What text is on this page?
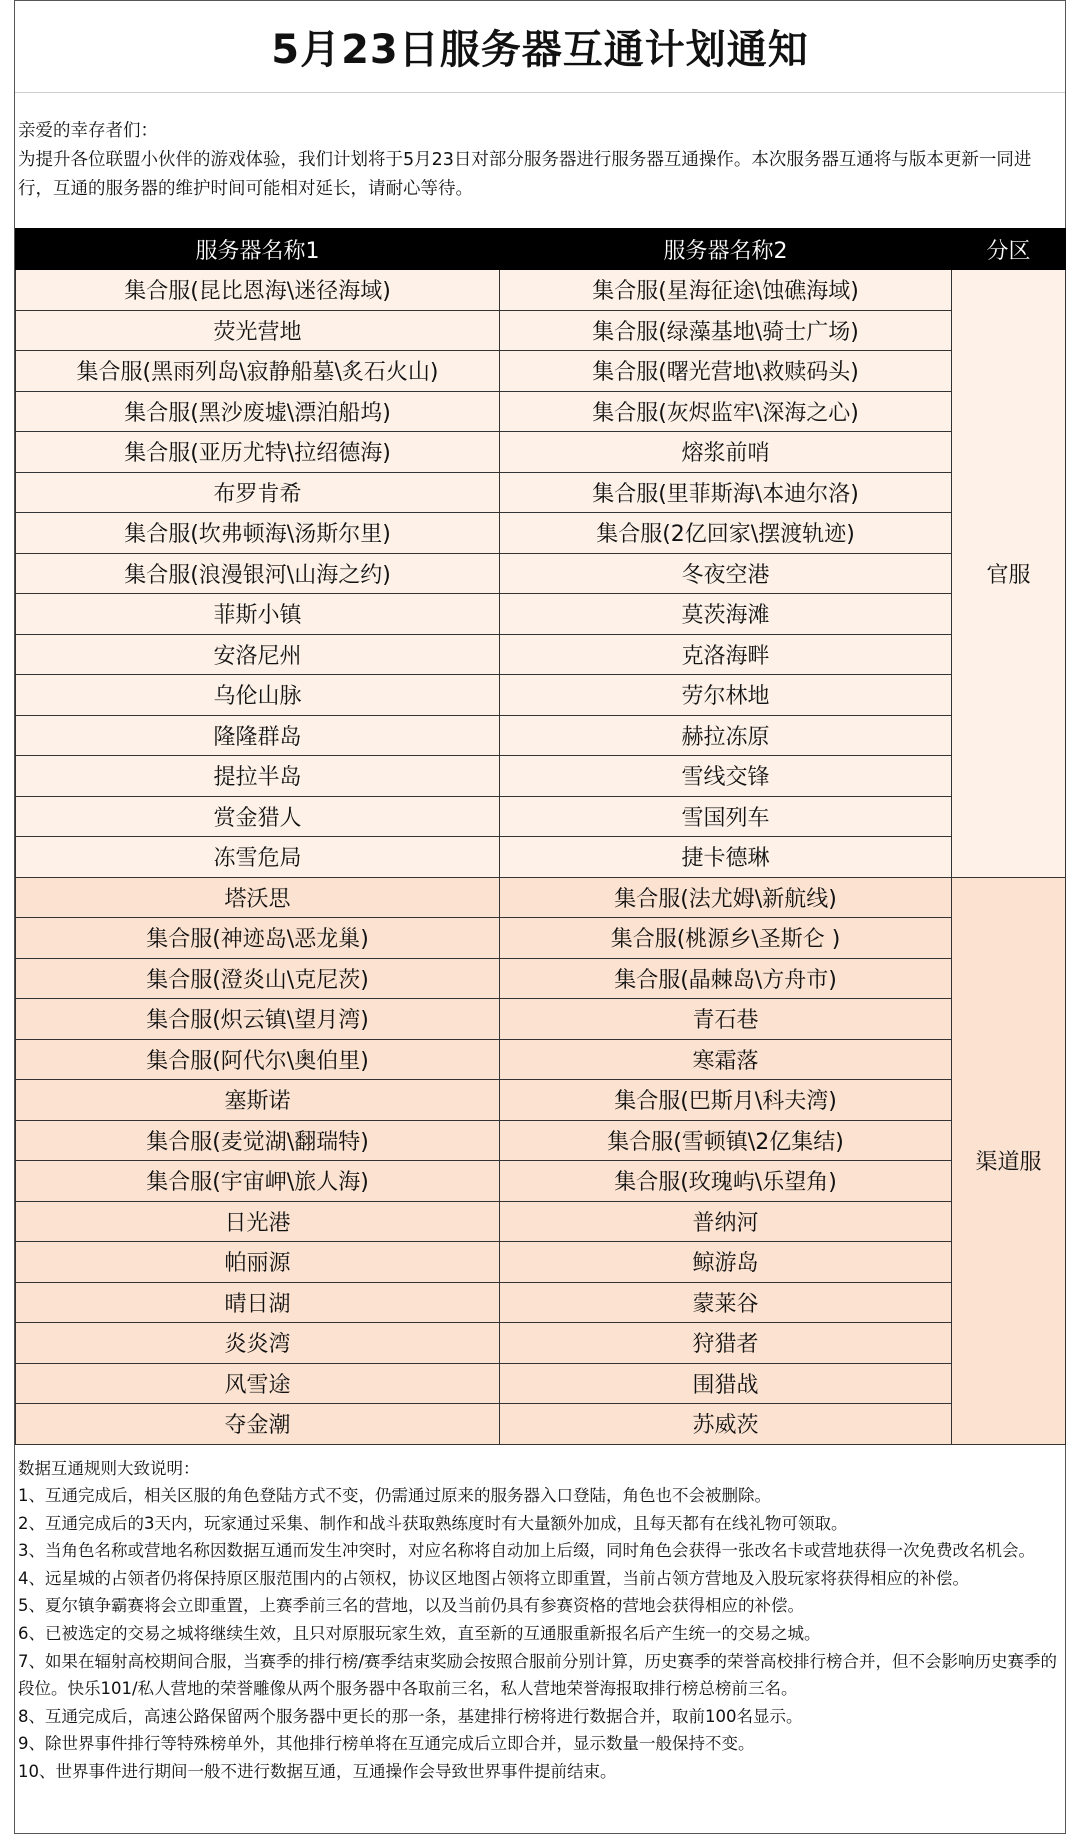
5月23日服务器互通计划通知

亲爱的幸存者们：

为提升各位联盟小伙伴的游戏体验，我们计划将于5月23日对部分服务器进行服务器互通操作。本次服务器互通将与版本更新一同进行，互通的服务器的维护时间可能相对延长，请耐心等待。

服务器名称1	服务器名称2	分区
集合服(昆比恩海\迷径海域)	集合服(星海征途\蚀礁海域)	官服
荧光营地	集合服(绿藻基地\骑士广场)	
集合服(黑雨列岛\寂静船墓\炙石火山)	集合服(曙光营地\救赎码头)	
集合服(黑沙废墟\漂泊船坞)	集合服(灰烬监牢\深海之心)	
集合服(亚历尤特\拉绍德海)	熔浆前哨	
布罗肯希	集合服(里菲斯海\本迪尔洛)	
集合服(坎弗顿海\汤斯尔里)	集合服(2亿回家\摆渡轨迹)	
集合服(浪漫银河\山海之约)	冬夜空港	
菲斯小镇	莫茨海滩	
安洛尼州	克洛海畔	
乌伦山脉	劳尔林地	
隆隆群岛	赫拉冻原	
提拉半岛	雪线交锋	
赏金猎人	雪国列车	
冻雪危局	捷卡德琳	
塔沃思	集合服(法尤姆\新航线)	渠道服
集合服(神迹岛\恶龙巢)	集合服(桃源乡\圣斯仑 )	
集合服(澄炎山\克尼茨)	集合服(晶棘岛\方舟市)	
集合服(炽云镇\望月湾)	青石巷	
集合服(阿代尔\奥伯里)	寒霜落	
塞斯诺	集合服(巴斯月\科夫湾)	
集合服(麦觉湖\翻瑞特)	集合服(雪顿镇\2亿集结)	
集合服(宇宙岬\旅人海)	集合服(玫瑰屿\乐望角)	
日光港	普纳河	
帕丽源	鲸游岛	
晴日湖	蒙莱谷	
炎炎湾	狩猎者	
风雪途	围猎战	
夺金潮	苏威茨	

数据互通规则大致说明：

1、互通完成后，相关区服的角色登陆方式不变，仍需通过原来的服务器入口登陆，角色也不会被删除。

2、互通完成后的3天内，玩家通过采集、制作和战斗获取熟练度时有大量额外加成，且每天都有在线礼物可领取。

3、当角色名称或营地名称因数据互通而发生冲突时，对应名称将自动加上后缀，同时角色会获得一张改名卡或营地获得一次免费改名机会。

4、远星城的占领者仍将保持原区服范围内的占领权，协议区地图占领将立即重置，当前占领方营地及入股玩家将获得相应的补偿。

5、夏尔镇争霸赛将会立即重置，上赛季前三名的营地，以及当前仍具有参赛资格的营地会获得相应的补偿。

6、已被选定的交易之城将继续生效，且只对原服玩家生效，直至新的互通服重新报名后产生统一的交易之城。

7、如果在辐射高校期间合服，当赛季的排行榜/赛季结束奖励会按照合服前分别计算，历史赛季的荣誉高校排行榜合并，但不会影响历史赛季的段位。快乐101/私人营地的荣誉雕像从两个服务器中各取前三名，私人营地荣誉海报取排行榜总榜前三名。

8、互通完成后，高速公路保留两个服务器中更长的那一条，基建排行榜将进行数据合并，取前100名显示。

9、除世界事件排行等特殊榜单外，其他排行榜单将在互通完成后立即合并，显示数量一般保持不变。

10、世界事件进行期间一般不进行数据互通，互通操作会导致世界事件提前结束。
